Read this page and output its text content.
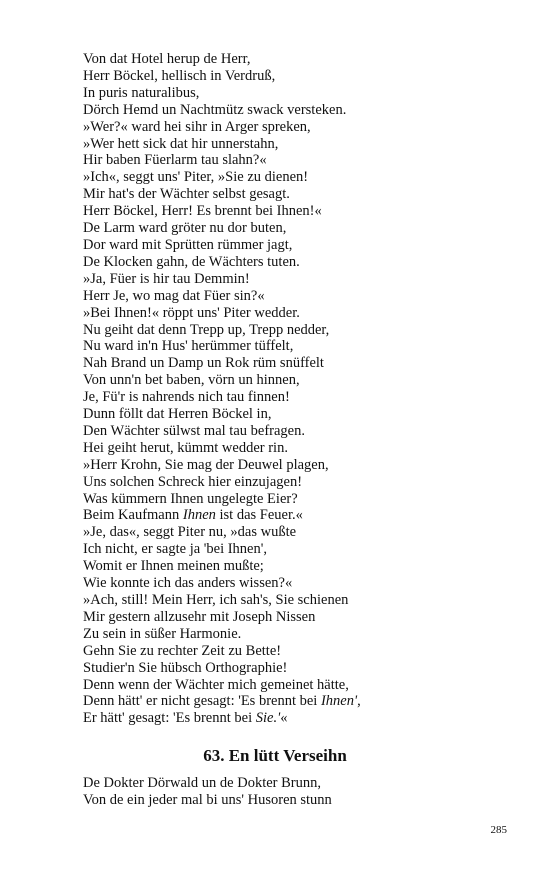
Von dat Hotel herup de Herr,
Herr Böckel, hellisch in Verdruß,
In puris naturalibus,
Dörch Hemd un Nachtmütz swack versteken.
»Wer?« ward hei sihr in Arger spreken,
»Wer hett sick dat hir unnerstahn,
Hir baben Füerlarm tau slahn?«
»Ich«, seggt uns' Piter, »Sie zu dienen!
Mir hat's der Wächter selbst gesagt.
Herr Böckel, Herr! Es brennt bei Ihnen!«
De Larm ward gröter nu dor buten,
Dor ward mit Sprütten rümmer jagt,
De Klocken gahn, de Wächters tuten.
»Ja, Füer is hir tau Demmin!
Herr Je, wo mag dat Füer sin?«
»Bei Ihnen!« röppt uns' Piter wedder.
Nu geiht dat denn Trepp up, Trepp nedder,
Nu ward in'n Hus' herümmer tüffelt,
Nah Brand un Damp un Rok rüm snüffelt
Von unn'n bet baben, vörn un hinnen,
Je, Fü'r is nahrends nich tau finnen!
Dunn föllt dat Herren Böckel in,
Den Wächter sülwst mal tau befragen.
Hei geiht herut, kümmt wedder rin.
»Herr Krohn, Sie mag der Deuwel plagen,
Uns solchen Schreck hier einzujagen!
Was kümmern Ihnen ungelegte Eier?
Beim Kaufmann Ihnen ist das Feuer.«
»Je, das«, seggt Piter nu, »das wußte
Ich nicht, er sagte ja 'bei Ihnen',
Womit er Ihnen meinen mußte;
Wie konnte ich das anders wissen?«
»Ach, still! Mein Herr, ich sah's, Sie schienen
Mir gestern allzusehr mit Joseph Nissen
Zu sein in süßer Harmonie.
Gehn Sie zu rechter Zeit zu Bette!
Studier'n Sie hübsch Orthographie!
Denn wenn der Wächter mich gemeinet hätte,
Denn hätt' er nicht gesagt: 'Es brennt bei Ihnen',
Er hätt' gesagt: 'Es brennt bei Sie.'«
63. En lütt Verseihn
De Dokter Dörwald un de Dokter Brunn,
Von de ein jeder mal bi uns' Husoren stunn
285
